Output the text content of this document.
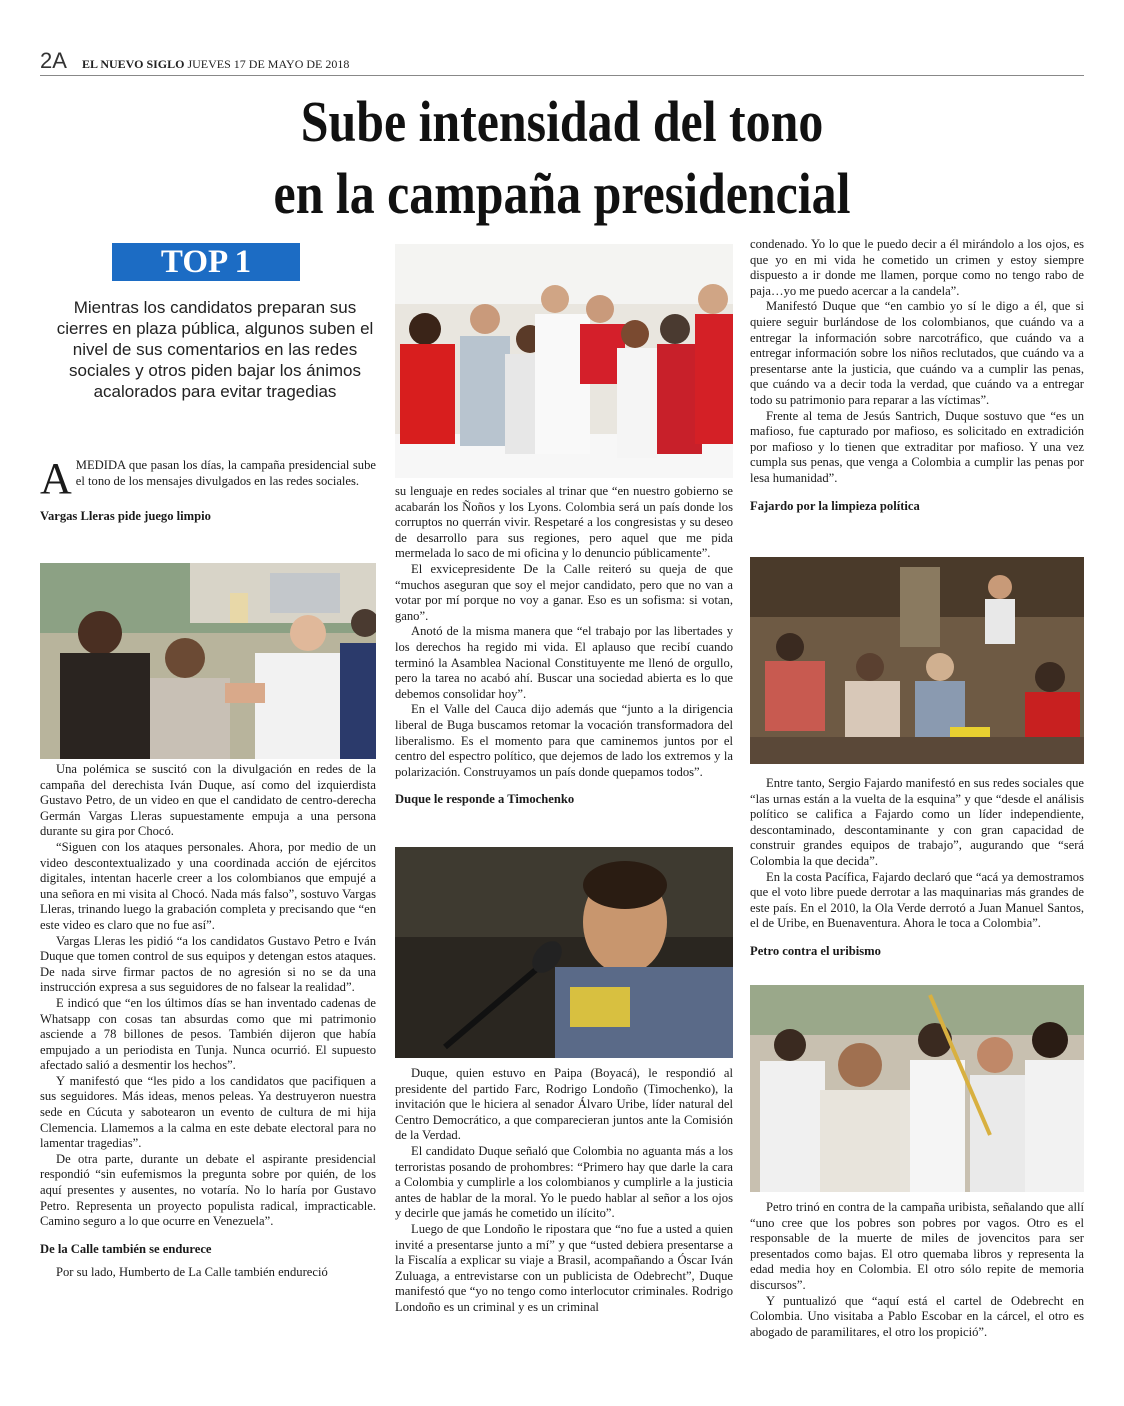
2A EL NUEVO SIGLO JUEVES 17 DE MAYO DE 2018
Sube intensidad del tono
en la campaña presidencial
TOP 1
Mientras los candidatos preparan sus cierres en plaza pública, algunos suben el nivel de sus comentarios en las redes sociales y otros piden bajar los ánimos acalorados para evitar tragedias

AMEDIDA que pasan los días, la campaña presidencial sube el tono de los mensajes divulgados en las redes sociales.

Vargas Lleras pide juego limpio

Una polémica se suscitó con la divulgación en redes de la campaña del derechista Iván Duque, así como del izquierdista Gustavo Petro, de un video en que el candidato de centro-derecha Germán Vargas Lleras supuestamente empuja a una persona durante su gira por Chocó.

“Siguen con los ataques personales. Ahora, por medio de un video descontextualizado y una coordinada acción de ejércitos digitales, intentan hacerle creer a los colombianos que empujé a una señora en mi visita al Chocó. Nada más falso”, sostuvo Vargas Lleras, trinando luego la grabación completa y precisando que “en este video es claro que no fue así”.

Vargas Lleras les pidió “a los candidatos Gustavo Petro e Iván Duque que tomen control de sus equipos y detengan estos ataques. De nada sirve firmar pactos de no agresión si no se da una instrucción expresa a sus seguidores de no falsear la realidad”.

E indicó que “en los últimos días se han inventado cadenas de Whatsapp con cosas tan absurdas como que mi patrimonio asciende a 78 billones de pesos. También dijeron que había empujado a un periodista en Tunja. Nunca ocurrió. El supuesto afectado salió a desmentir los hechos”.

Y manifestó que “les pido a los candidatos que pacifiquen a sus seguidores. Más ideas, menos peleas. Ya destruyeron nuestra sede en Cúcuta y sabotearon un evento de cultura de mi hija Clemencia. Llamemos a la calma en este debate electoral para no lamentar tragedias”.

De otra parte, durante un debate el aspirante presidencial respondió “sin eufemismos la pregunta sobre por quién, de los aquí presentes y ausentes, no votaría. No lo haría por Gustavo Petro. Representa un proyecto populista radical, impracticable. Camino seguro a lo que ocurre en Venezuela”.

De la Calle también se endurece

Por su lado, Humberto de La Calle también endureció

su lenguaje en redes sociales al trinar que “en nuestro gobierno se acabarán los Ñoños y los Lyons. Colombia será un país donde los corruptos no querrán vivir. Respetaré a los congresistas y su deseo de desarrollo para sus regiones, pero aquel que me pida mermelada lo saco de mi oficina y lo denuncio públicamente”.

El exvicepresidente De la Calle reiteró su queja de que “muchos aseguran que soy el mejor candidato, pero que no van a votar por mí porque no voy a ganar. Eso es un sofisma: si votan, gano”.

Anotó de la misma manera que “el trabajo por las libertades y los derechos ha regido mi vida. El aplauso que recibí cuando terminó la Asamblea Nacional Constituyente me llenó de orgullo, pero la tarea no acabó ahí. Buscar una sociedad abierta es lo que debemos consolidar hoy”.

En el Valle del Cauca dijo además que “junto a la dirigencia liberal de Buga buscamos retomar la vocación transformadora del liberalismo. Es el momento para que caminemos juntos por el centro del espectro político, que dejemos de lado los extremos y la polarización. Construyamos un país donde quepamos todos”.

Duque le responde a Timochenko

Duque, quien estuvo en Paipa (Boyacá), le respondió al presidente del partido Farc, Rodrigo Londoño (Timochenko), la invitación que le hiciera al senador Álvaro Uribe, líder natural del Centro Democrático, a que comparecieran juntos ante la Comisión de la Verdad.

El candidato Duque señaló que Colombia no aguanta más a los terroristas posando de prohombres: “Primero hay que darle la cara a Colombia y cumplirle a los colombianos y cumplirle a la justicia antes de hablar de la moral. Yo le puedo hablar al señor a los ojos y decirle que jamás he cometido un ilícito”.

Luego de que Londoño le ripostara que “no fue a usted a quien invité a presentarse junto a mí” y que “usted debiera presentarse a la Fiscalía a explicar su viaje a Brasil, acompañando a Óscar Iván Zuluaga, a entrevistarse con un publicista de Odebrecht”, Duque manifestó que “yo no tengo como interlocutor criminales. Rodrigo Londoño es un criminal y es un criminal

condenado. Yo lo que le puedo decir a él mirándolo a los ojos, es que yo en mi vida he cometido un crimen y estoy siempre dispuesto a ir donde me llamen, porque como no tengo rabo de paja…yo me puedo acercar a la candela”.

Manifestó Duque que “en cambio yo sí le digo a él, que si quiere seguir burlándose de los colombianos, que cuándo va a entregar la información sobre narcotráfico, que cuándo va a entregar información sobre los niños reclutados, que cuándo va a presentarse ante la justicia, que cuándo va a cumplir las penas, que cuándo va a decir toda la verdad, que cuándo va a entregar todo su patrimonio para reparar a las víctimas”.

Frente al tema de Jesús Santrich, Duque sostuvo que “es un mafioso, fue capturado por mafioso, es solicitado en extradición por mafioso y lo tienen que extraditar por mafioso. Y una vez cumpla sus penas, que venga a Colombia a cumplir las penas por lesa humanidad”.

Fajardo por la limpieza política

Entre tanto, Sergio Fajardo manifestó en sus redes sociales que “las urnas están a la vuelta de la esquina” y que “desde el análisis político se califica a Fajardo como un líder independiente, descontaminado, descontaminante y con gran capacidad de construir grandes equipos de trabajo”, augurando que “será Colombia la que decida”.

En la costa Pacífica, Fajardo declaró que “acá ya demostramos que el voto libre puede derrotar a las maquinarias más grandes de este país. En el 2010, la Ola Verde derrotó a Juan Manuel Santos, el de Uribe, en Buenaventura. Ahora le toca a Colombia”.

Petro contra el uribismo

Petro trinó en contra de la campaña uribista, señalando que allí “uno cree que los pobres son pobres por vagos. Otro es el responsable de la muerte de miles de jovencitos para ser presentados como bajas. El otro quemaba libros y representa la edad media hoy en Colombia. El otro sólo repite de memoria discursos”.

Y puntualizó que “aquí está el cartel de Odebrecht en Colombia. Uno visitaba a Pablo Escobar en la cárcel, el otro es abogado de paramilitares, el otro los propició”.
